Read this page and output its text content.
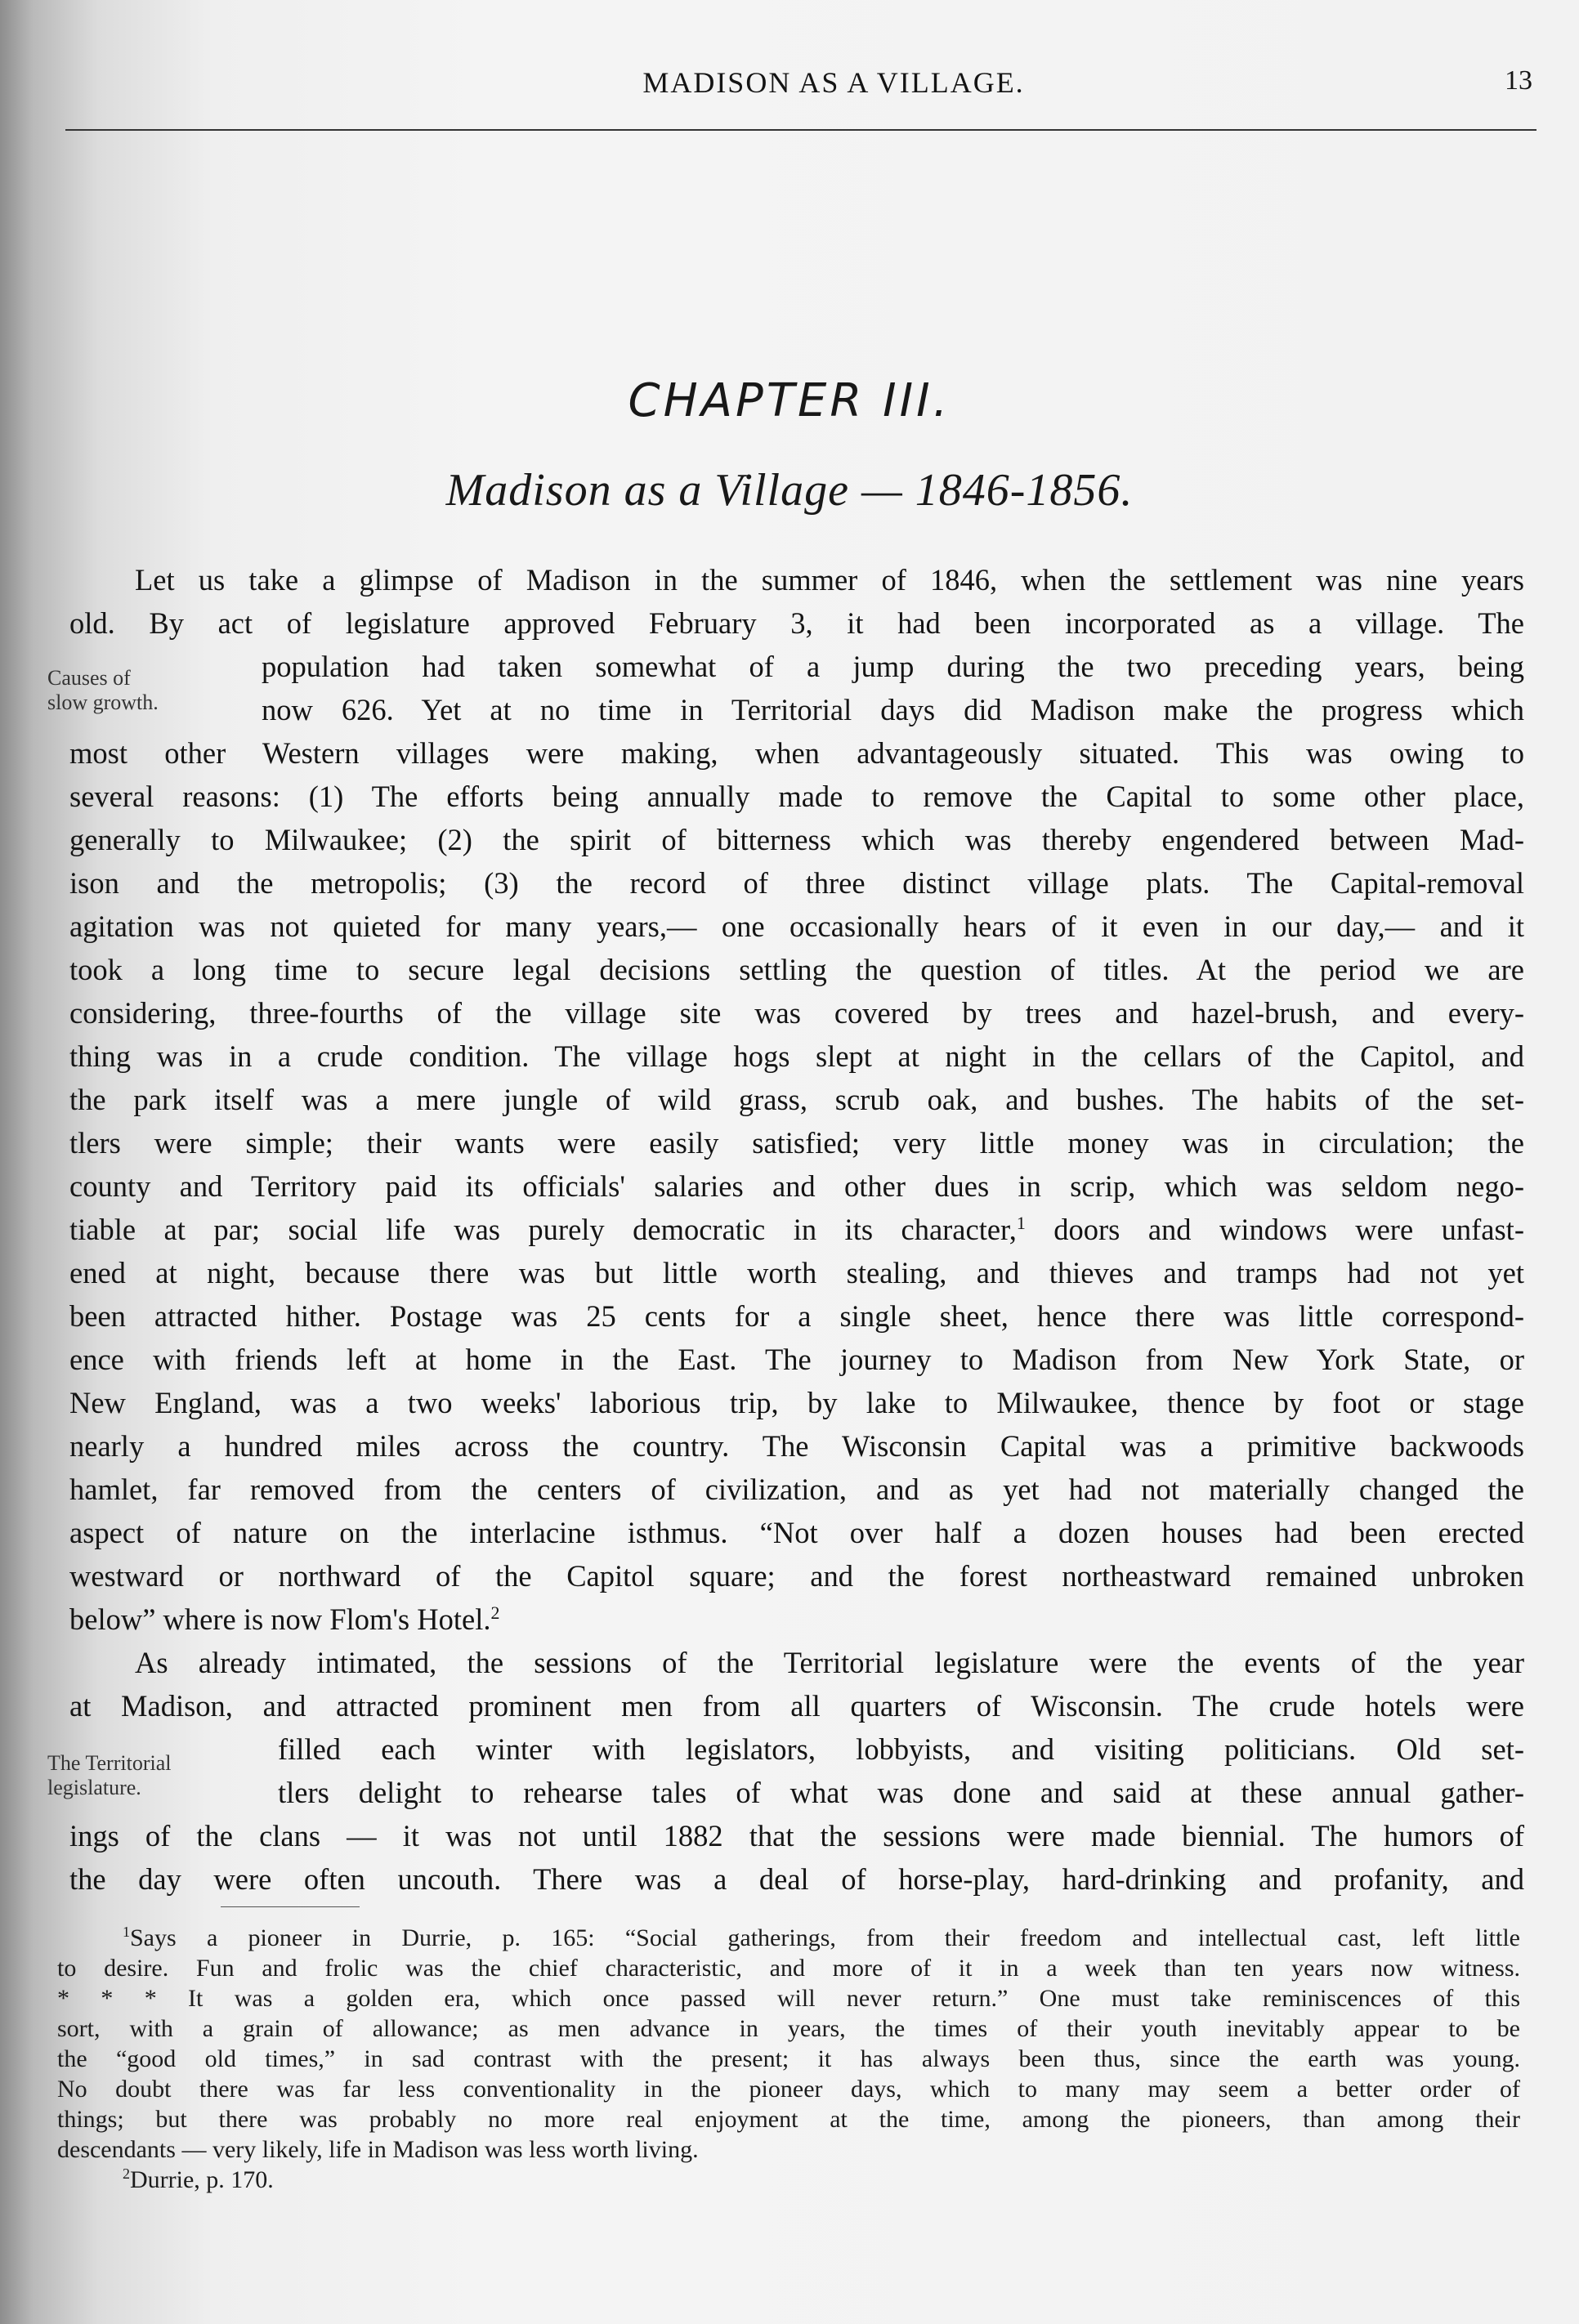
MADISON AS A VILLAGE.	13
CHAPTER III.
Madison as a Village — 1846-1856.
Causes of
slow growth.
The Territorial
legislature.
Let us take a glimpse of Madison in the summer of 1846, when the settlement was nine years
old. By act of legislature approved February 3, it had been incorporated as a village. The
population had taken somewhat of a jump during the two preceding years, being
now 626. Yet at no time in Territorial days did Madison make the progress which
most other Western villages were making, when advantageously situated. This was owing to
several reasons: (1) The efforts being annually made to remove the Capital to some other place,
generally to Milwaukee; (2) the spirit of bitterness which was thereby engendered between Mad-
ison and the metropolis; (3) the record of three distinct village plats. The Capital-removal
agitation was not quieted for many years,— one occasionally hears of it even in our day,— and it
took a long time to secure legal decisions settling the question of titles. At the period we are
considering, three-fourths of the village site was covered by trees and hazel-brush, and every-
thing was in a crude condition. The village hogs slept at night in the cellars of the Capitol, and
the park itself was a mere jungle of wild grass, scrub oak, and bushes. The habits of the set-
tlers were simple; their wants were easily satisfied; very little money was in circulation; the
county and Territory paid its officials' salaries and other dues in scrip, which was seldom nego-
tiable at par; social life was purely democratic in its character,$^1$ doors and windows were unfast-
ened at night, because there was but little worth stealing, and thieves and tramps had not yet
been attracted hither. Postage was 25 cents for a single sheet, hence there was little correspond-
ence with friends left at home in the East. The journey to Madison from New York State, or
New England, was a two weeks' laborious trip, by lake to Milwaukee, thence by foot or stage
nearly a hundred miles across the country. The Wisconsin Capital was a primitive backwoods
hamlet, far removed from the centers of civilization, and as yet had not materially changed the
aspect of nature on the interlacine isthmus. “Not over half a dozen houses had been erected
westward or northward of the Capitol square; and the forest northeastward remained unbroken
below” where is now Flom's Hotel.$^2$
As already intimated, the sessions of the Territorial legislature were the events of the year
at Madison, and attracted prominent men from all quarters of Wisconsin. The crude hotels were
filled each winter with legislators, lobbyists, and visiting politicians. Old set-
tlers delight to rehearse tales of what was done and said at these annual gather-
ings of the clans — it was not until 1882 that the sessions were made biennial. The humors of
the day were often uncouth. There was a deal of horse-play, hard-drinking and profanity, and
$^1$Says a pioneer in Durrie, p. 165: “Social gatherings, from their freedom and intellectual cast, left little
to desire. Fun and frolic was the chief characteristic, and more of it in a week than ten years now witness.
* * * It was a golden era, which once passed will never return.” One must take reminiscences of this
sort, with a grain of allowance; as men advance in years, the times of their youth inevitably appear to be
the “good old times,” in sad contrast with the present; it has always been thus, since the earth was young.
No doubt there was far less conventionality in the pioneer days, which to many may seem a better order of
things; but there was probably no more real enjoyment at the time, among the pioneers, than among their
descendants — very likely, life in Madison was less worth living.
$^2$Durrie, p. 170.
